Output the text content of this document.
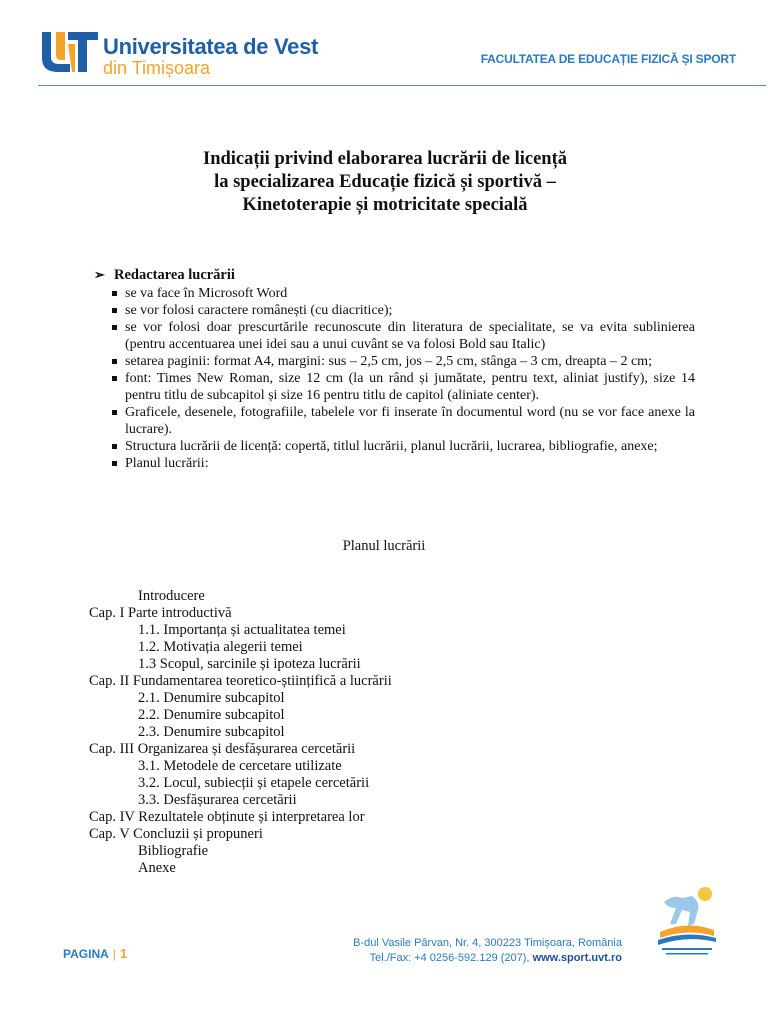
Universitatea de Vest
din Timișoara	FACULTATEA DE EDUCAȚIE FIZICĂ ȘI SPORT
Indicații privind elaborarea lucrării de licență
la specializarea Educație fizică și sportivă –
Kinetoterapie și motricitate specială
➢ Redactarea lucrării
se va face în Microsoft Word
se vor folosi caractere românești (cu diacritice);
se vor folosi doar prescurtările recunoscute din literatura de specialitate, se va evita sublinierea (pentru accentuarea unei idei sau a unui cuvânt se va folosi Bold sau Italic)
setarea paginii: format A4, margini: sus – 2,5 cm, jos – 2,5 cm, stânga – 3 cm, dreapta – 2 cm;
font: Times New Roman, size 12 cm (la un rând și jumătate, pentru text, aliniat justify), size 14 pentru titlu de subcapitol și size 16 pentru titlu de capitol (aliniate center).
Graficele, desenele, fotografiile, tabelele vor fi inserate în documentul word (nu se vor face anexe la lucrare).
Structura lucrării de licență: copertă, titlul lucrării, planul lucrării, lucrarea, bibliografie, anexe;
Planul lucrării:
Planul lucrării
Introducere
Cap. I Parte introductivă
1.1. Importanța și actualitatea temei
1.2. Motivația alegerii temei
1.3 Scopul, sarcinile și ipoteza lucrării
Cap. II Fundamentarea teoretico-științifică a lucrării
2.1. Denumire subcapitol
2.2. Denumire subcapitol
2.3. Denumire subcapitol
Cap. III Organizarea și desfășurarea cercetării
3.1. Metodele de cercetare utilizate
3.2. Locul, subiecții și etapele cercetării
3.3. Desfășurarea cercetării
Cap. IV Rezultatele obținute și interpretarea lor
Cap. V Concluzii și propuneri
Bibliografie
Anexe
PAGINA | 1
B-dul Vasile Pârvan, Nr. 4, 300223 Timișoara, România
Tel./Fax: +4 0256-592.129 (207), www.sport.uvt.ro
